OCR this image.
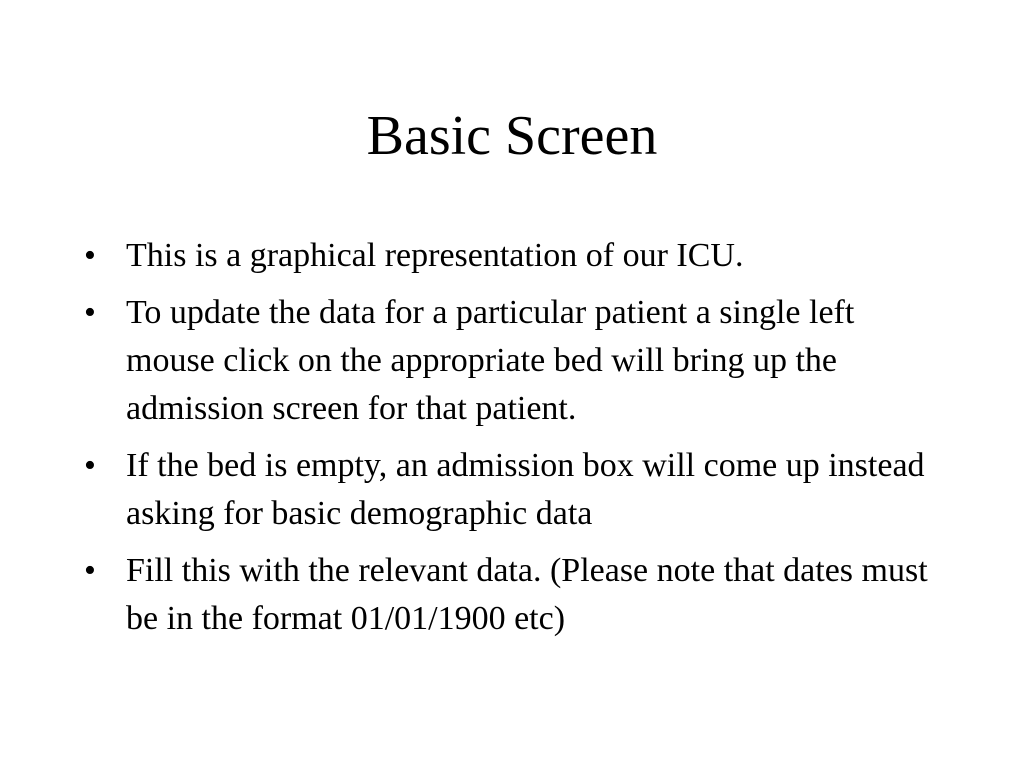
Basic Screen
• This is a graphical representation of our ICU.
• To update the data for a particular patient a single left mouse click on the appropriate bed will bring up the admission screen for that patient.
• If the bed is empty, an admission box will come up instead asking for basic demographic data
• Fill this with the relevant data. (Please note that dates must be in the format 01/01/1900 etc)
